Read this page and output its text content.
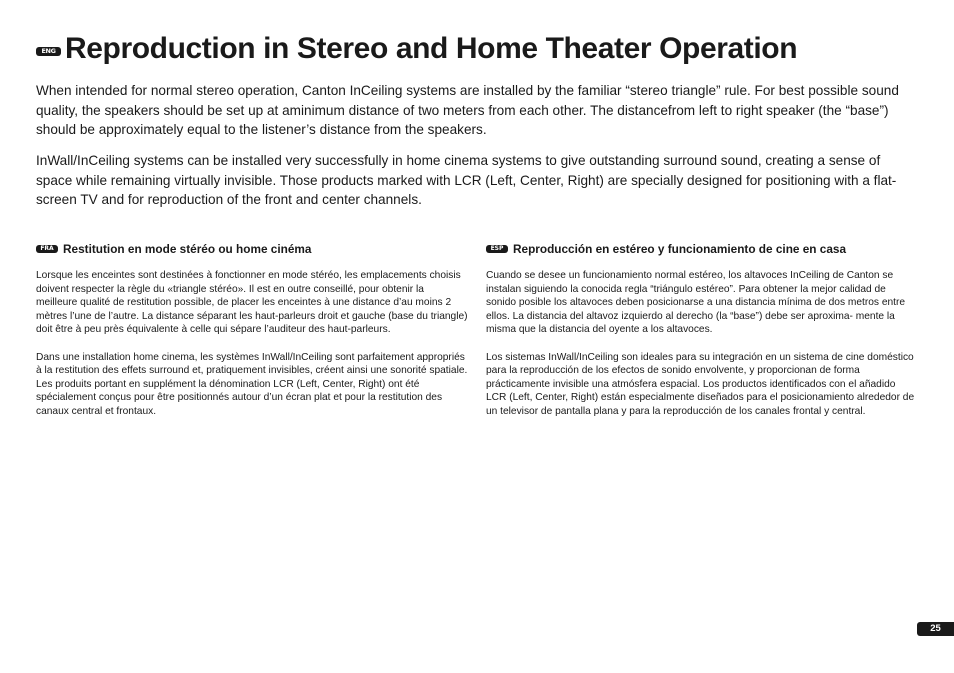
ENG Reproduction in Stereo and Home Theater Operation

When intended for normal stereo operation, Canton InCeiling systems are installed by the familiar “stereo triangle” rule. For best possible sound quality, the speakers should be set up at aminimum distance of two meters from each other. The distancefrom left to right speaker (the “base”) should be approximately equal to the listener’s distance from the speakers.

InWall/InCeiling systems can be installed very successfully in home cinema systems to give outstanding surround sound, creating a sense of space while remaining virtually invisible. Those products marked with LCR (Left, Center, Right) are specially designed for positioning with a flat-screen TV and for reproduction of the front and center channels.

FRA Restitution en mode stéréo ou home cinéma

Lorsque les enceintes sont destinées à fonctionner en mode stéréo, les emplacements choisis doivent respecter la règle du «triangle stéréo». Il est en outre conseillé, pour obtenir la meilleure qualité de restitution possible, de placer les enceintes à une distance d’au moins 2 mètres l’une de l’autre. La distance séparant les haut-parleurs droit et gauche (base du triangle) doit être à peu près équivalente à celle qui sépare l’auditeur des haut-parleurs.

Dans une installation home cinema, les systèmes InWall/InCeiling sont parfaitement appropriés à la restitution des effets surround et, pratiquement invisibles, créent ainsi une sonorité spatiale. Les produits portant en supplément la dénomination LCR (Left, Center, Right) ont été spécialement conçus pour être positionnés autour d’un écran plat et pour la restitution des canaux central et frontaux.

ESP Reproducción en estéreo y funcionamiento de cine en casa

Cuando se desee un funcionamiento normal estéreo, los altavoces InCeiling de Canton se instalan siguiendo la conocida regla “triángulo estéreo”. Para obtener la mejor calidad de sonido posible los altavoces deben posicionarse a una distancia mínima de dos metros entre ellos. La distancia del altavoz izquierdo al derecho (la “base”) debe ser aproxima- mente la misma que la distancia del oyente a los altavoces.

Los sistemas InWall/InCeiling son ideales para su integración en un sistema de cine doméstico para la reproducción de los efectos de sonido envolvente, y proporcionan de forma prácticamente invisible una atmósfera espacial. Los productos identificados con el añadido LCR (Left, Center, Right) están especialmente diseñados para el posicionamiento alrededor de un televisor de pantalla plana y para la reproducción de los canales frontal y central.

25
